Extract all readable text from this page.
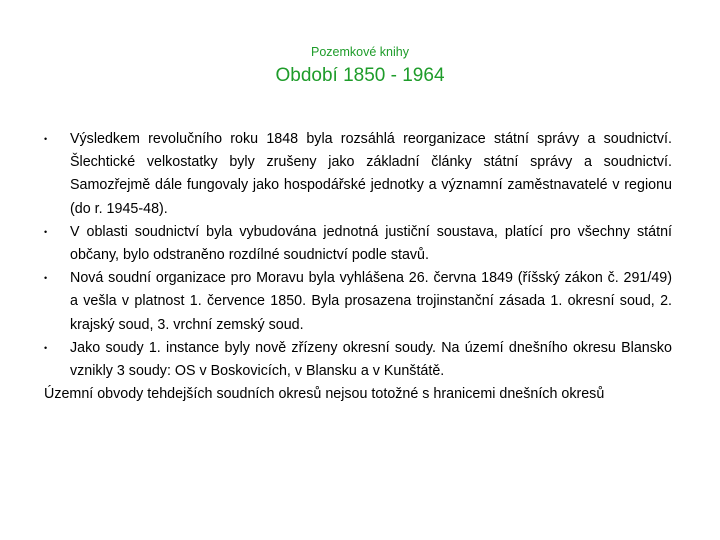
Pozemkové knihy
Období 1850 - 1964
•	Výsledkem revolučního roku 1848 byla rozsáhlá reorganizace státní správy a soudnictví. Šlechtické velkostatky byly zrušeny jako základní články státní správy a soudnictví. Samozřejmě dále fungovaly jako hospodářské jednotky a významní zaměstnavatelé v regionu (do r. 1945-48).
•	V oblasti soudnictví byla vybudována jednotná justiční soustava, platící pro všechny státní občany, bylo odstraněno rozdílné soudnictví podle stavů.
•	Nová soudní organizace pro Moravu byla vyhlášena 26. června 1849 (říšský zákon č. 291/49) a vešla v platnost 1. července 1850. Byla prosazena trojinstanční zásada 1. okresní soud, 2. krajský soud, 3. vrchní zemský soud.
•	Jako soudy 1. instance byly nově zřízeny okresní soudy. Na území dnešního okresu Blansko vznikly 3 soudy: OS v Boskovicích, v Blansku a v Kunštátě.
Územní obvody tehdejších soudních okresů nejsou totožné s hranicemi dnešních okresů
